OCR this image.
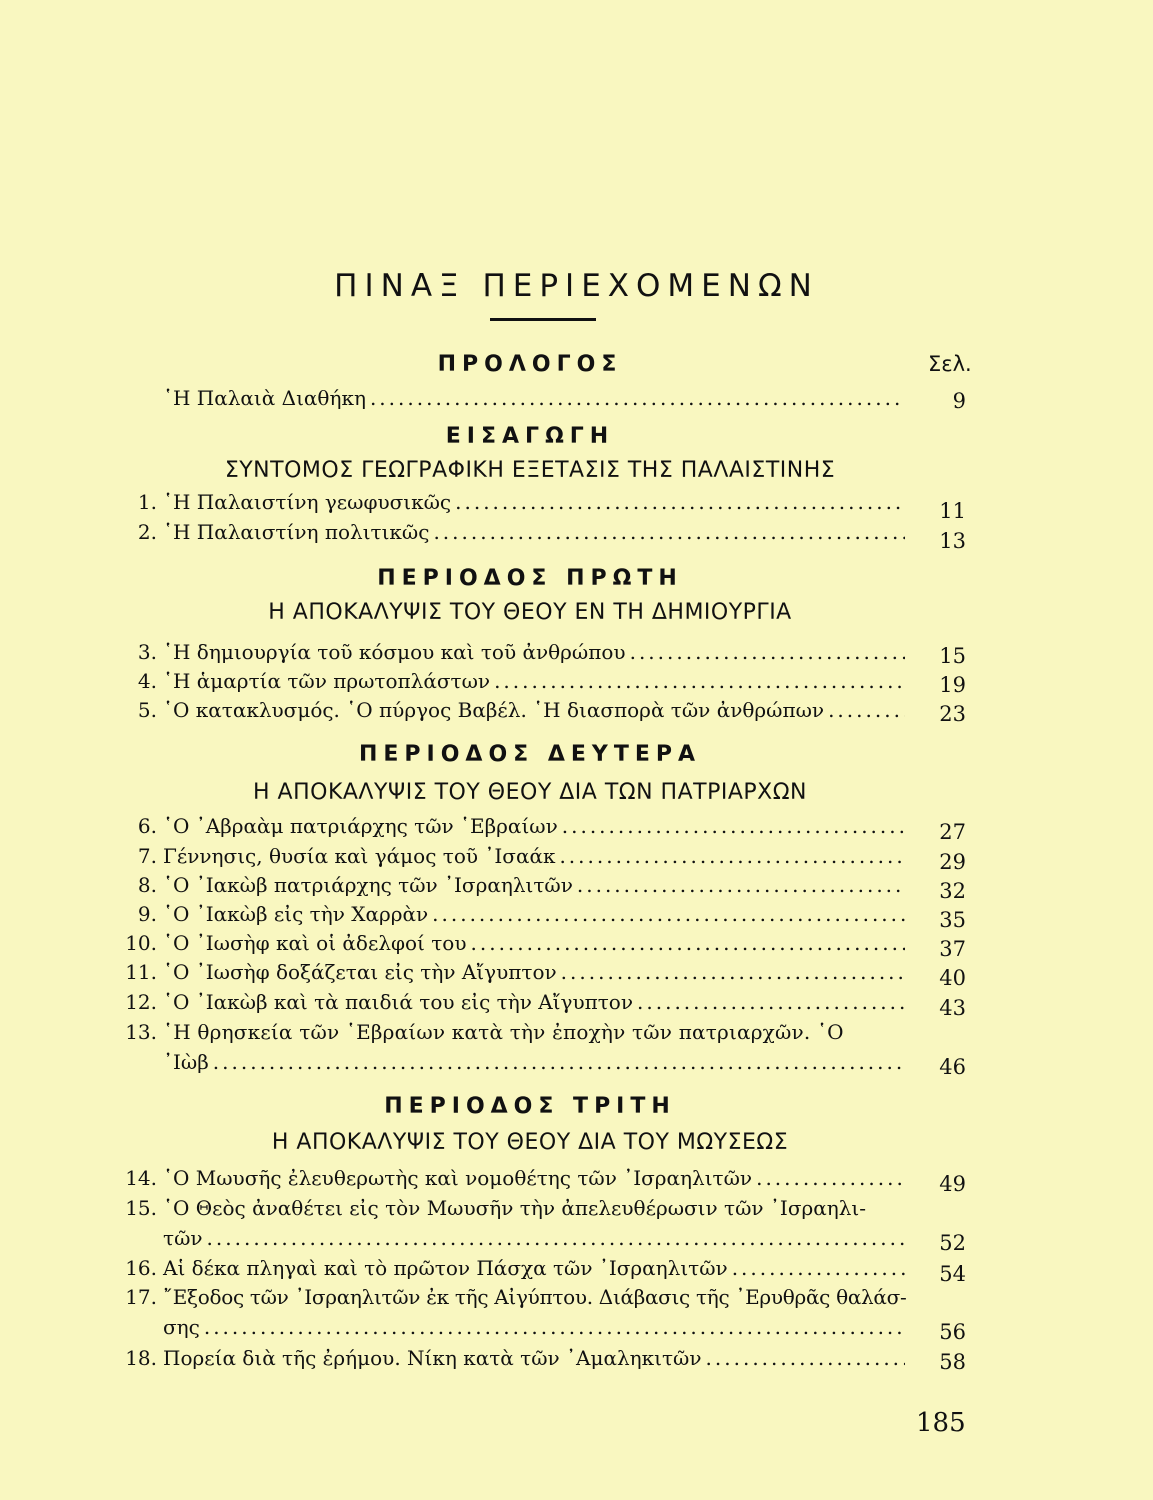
ΠΙΝΑΞ ΠΕΡΙΕΧΟΜΕΝΩΝ
ΠΡΟΛΟΓΟΣ	Σελ.
῾Η Παλαιὰ Διαθήκη .....	9
ΕΙΣΑΓΩΓΗ
ΣΥΝΤΟΜΟΣ ΓΕΩΓΡΑΦΙΚΗ ΕΞΕΤΑΣΙΣ ΤΗΣ ΠΑΛΑΙΣΤΙΝΗΣ
1. ῾Η Παλαιστίνη γεωφυσικῶς .....	11
2. ῾Η Παλαιστίνη πολιτικῶς .....	13
ΠΕΡΙΟΔΟΣ ΠΡΩΤΗ
Η ΑΠΟΚΑΛΥΨΙΣ ΤΟΥ ΘΕΟΥ ΕΝ ΤΗ ΔΗΜΙΟΥΡΓΙΑ
3. ῾Η δημιουργία τοῦ κόσμου καὶ τοῦ ἀνθρώπου .....	15
4. ῾Η ἁμαρτία τῶν πρωτοπλάστων .....	19
5. ῾Ο κατακλυσμός. ῾Ο πύργος Βαβέλ. ῾Η διασπορὰ τῶν ἀνθρώπων .....	23
ΠΕΡΙΟΔΟΣ ΔΕΥΤΕΡΑ
Η ΑΠΟΚΑΛΥΨΙΣ ΤΟΥ ΘΕΟΥ ΔΙΑ ΤΩΝ ΠΑΤΡΙΑΡΧΩΝ
6. ῾Ο ᾿Αβραὰμ πατριάρχης τῶν ῾Εβραίων .....	27
7. Γέννησις, θυσία καὶ γάμος τοῦ ᾿Ισαάκ .....	29
8. ῾Ο ᾿Ιακὼβ πατριάρχης τῶν ᾿Ισραηλιτῶν .....	32
9. ῾Ο ᾿Ιακὼβ εἰς τὴν Χαρρὰν .....	35
10. ῾Ο ᾿Ιωσὴφ καὶ οἱ ἀδελφοί του .....	37
11. ῾Ο ᾿Ιωσὴφ δοξάζεται εἰς τὴν Αἴγυπτον .....	40
12. ῾Ο ᾿Ιακὼβ καὶ τὰ παιδιά του εἰς τὴν Αἴγυπτον .....	43
13. ῾Η θρησκεία τῶν ῾Εβραίων κατὰ τὴν ἐποχὴν τῶν πατριαρχῶν. ῾Ο
᾿Ιὼβ .....	46
ΠΕΡΙΟΔΟΣ ΤΡΙΤΗ
Η ΑΠΟΚΑΛΥΨΙΣ ΤΟΥ ΘΕΟΥ ΔΙΑ ΤΟΥ ΜΩΥΣΕΩΣ
14. ῾Ο Μωυσῆς ἐλευθερωτὴς καὶ νομοθέτης τῶν ᾿Ισραηλιτῶν .....	49
15. ῾Ο Θεὸς ἀναθέτει εἰς τὸν Μωυσῆν τὴν ἀπελευθέρωσιν τῶν ᾿Ισραηλι-
τῶν .....	52
16. Αἱ δέκα πληγαὶ καὶ τὸ πρῶτον Πάσχα τῶν ᾿Ισραηλιτῶν .....	54
17. ῎Εξοδος τῶν ᾿Ισραηλιτῶν ἐκ τῆς Αἰγύπτου. Διάβασις τῆς ᾿Ερυθρᾶς θαλάσ-
σης .....	56
18. Πορεία διὰ τῆς ἐρήμου. Νίκη κατὰ τῶν ᾿Αμαληκιτῶν .....	58
185
